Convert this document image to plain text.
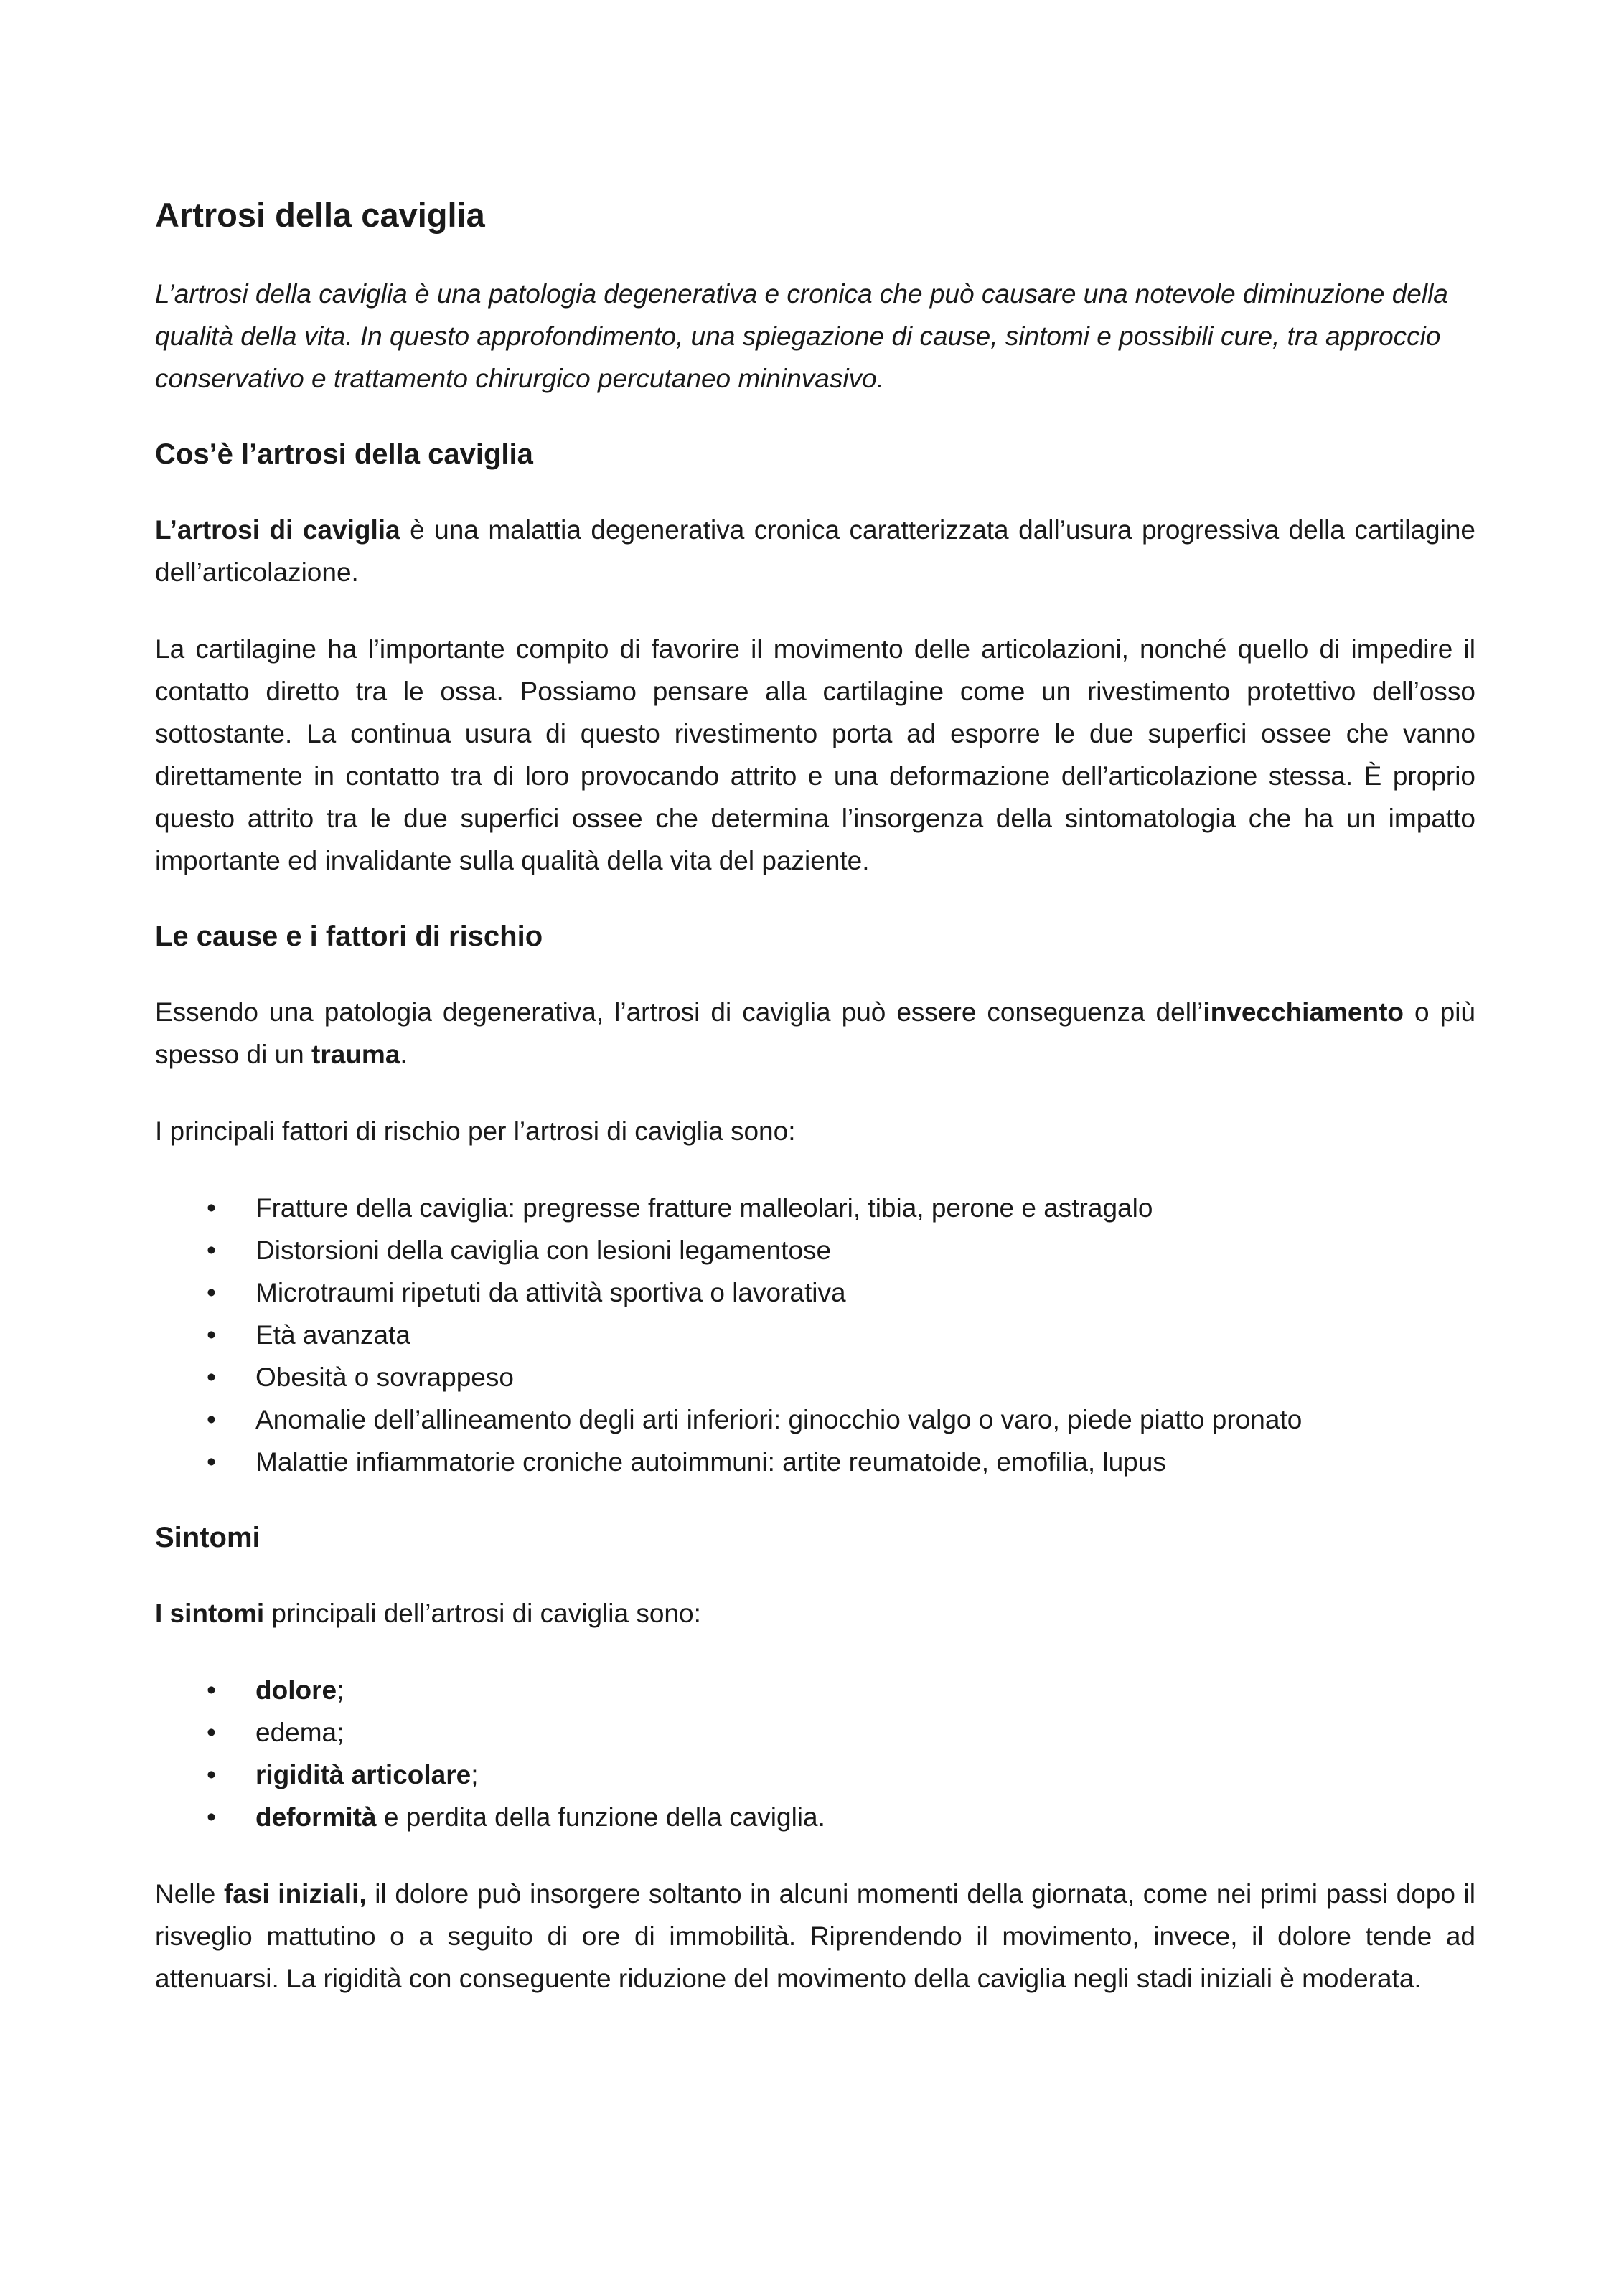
Artrosi della caviglia
L’artrosi della caviglia è una patologia degenerativa e cronica che può causare una notevole diminuzione della qualità della vita. In questo approfondimento, una spiegazione di cause, sintomi e possibili cure, tra approccio conservativo e trattamento chirurgico percutaneo mininvasivo.
Cos’è l’artrosi della caviglia

L’artrosi di caviglia è una malattia degenerativa cronica caratterizzata dall’usura progressiva della cartilagine dell’articolazione.

La cartilagine ha l’importante compito di favorire il movimento delle articolazioni, nonché quello di impedire il contatto diretto tra le ossa. Possiamo pensare alla cartilagine come un rivestimento protettivo dell’osso sottostante. La continua usura di questo rivestimento porta ad esporre le due superfici ossee che vanno direttamente in contatto tra di loro provocando attrito e una deformazione dell’articolazione stessa. È proprio questo attrito tra le due superfici ossee che determina l’insorgenza della sintomatologia che ha un impatto importante ed invalidante sulla qualità della vita del paziente.

Le cause e i fattori di rischio

Essendo una patologia degenerativa, l’artrosi di caviglia può essere conseguenza dell’invecchiamento o più spesso di un trauma.

I principali fattori di rischio per l’artrosi di caviglia sono:

• Fratture della caviglia: pregresse fratture malleolari, tibia, perone e astragalo
• Distorsioni della caviglia con lesioni legamentose
• Microtraumi ripetuti da attività sportiva o lavorativa
• Età avanzata
• Obesità o sovrappeso
• Anomalie dell’allineamento degli arti inferiori: ginocchio valgo o varo, piede piatto pronato
• Malattie infiammatorie croniche autoimmuni: artite reumatoide, emofilia, lupus
Sintomi

I sintomi principali dell’artrosi di caviglia sono:

• dolore;
• edema;
• rigidità articolare;
• deformità e perdita della funzione della caviglia.

Nelle fasi iniziali, il dolore può insorgere soltanto in alcuni momenti della giornata, come nei primi passi dopo il risveglio mattutino o a seguito di ore di immobilità. Riprendendo il movimento, invece, il dolore tende ad attenuarsi. La rigidità con conseguente riduzione del movimento della caviglia negli stadi iniziali è moderata.
